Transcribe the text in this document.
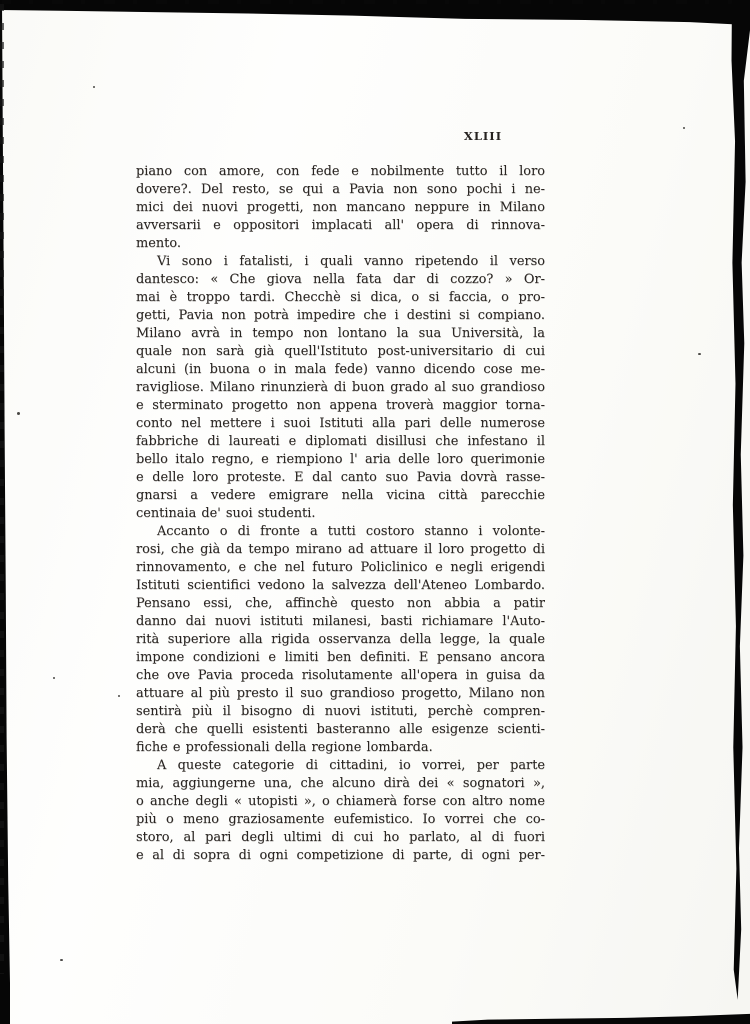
XLIII
piano con amore, con fede e nobilmente tutto il loro
dovere?. Del resto, se qui a Pavia non sono pochi i ne-
mici dei nuovi progetti, non mancano neppure in Milano
avversarii e oppositori implacati all' opera di rinnova-
mento.
Vi sono i fatalisti, i quali vanno ripetendo il verso
dantesco: « Che giova nella fata dar di cozzo? » Or-
mai è troppo tardi. Checchè si dica, o si faccia, o pro-
getti, Pavia non potrà impedire che i destini si compiano.
Milano avrà in tempo non lontano la sua Università, la
quale non sarà già quell'Istituto post-universitario di cui
alcuni (in buona o in mala fede) vanno dicendo cose me-
ravigliose. Milano rinunzierà di buon grado al suo grandioso
e sterminato progetto non appena troverà maggior torna-
conto nel mettere i suoi Istituti alla pari delle numerose
fabbriche di laureati e diplomati disillusi che infestano il
bello italo regno, e riempiono l' aria delle loro querimonie
e delle loro proteste. E dal canto suo Pavia dovrà rasse-
gnarsi a vedere emigrare nella vicina città parecchie
centinaia de' suoi studenti.
Accanto o di fronte a tutti costoro stanno i volonte-
rosi, che già da tempo mirano ad attuare il loro progetto di
rinnovamento, e che nel futuro Policlinico e negli erigendi
Istituti scientifici vedono la salvezza dell'Ateneo Lombardo.
Pensano essi, che, affinchè questo non abbia a patir
danno dai nuovi istituti milanesi, basti richiamare l'Auto-
rità superiore alla rigida osservanza della legge, la quale
impone condizioni e limiti ben definiti. E pensano ancora
che ove Pavia proceda risolutamente all'opera in guisa da
attuare al più presto il suo grandioso progetto, Milano non
sentirà più il bisogno di nuovi istituti, perchè compren-
derà che quelli esistenti basteranno alle esigenze scienti-
fiche e professionali della regione lombarda.
A queste categorie di cittadini, io vorrei, per parte
mia, aggiungerne una, che alcuno dirà dei « sognatori »,
o anche degli « utopisti », o chiamerà forse con altro nome
più o meno graziosamente eufemistico. Io vorrei che co-
storo, al pari degli ultimi di cui ho parlato, al di fuori
e al di sopra di ogni competizione di parte, di ogni per-
